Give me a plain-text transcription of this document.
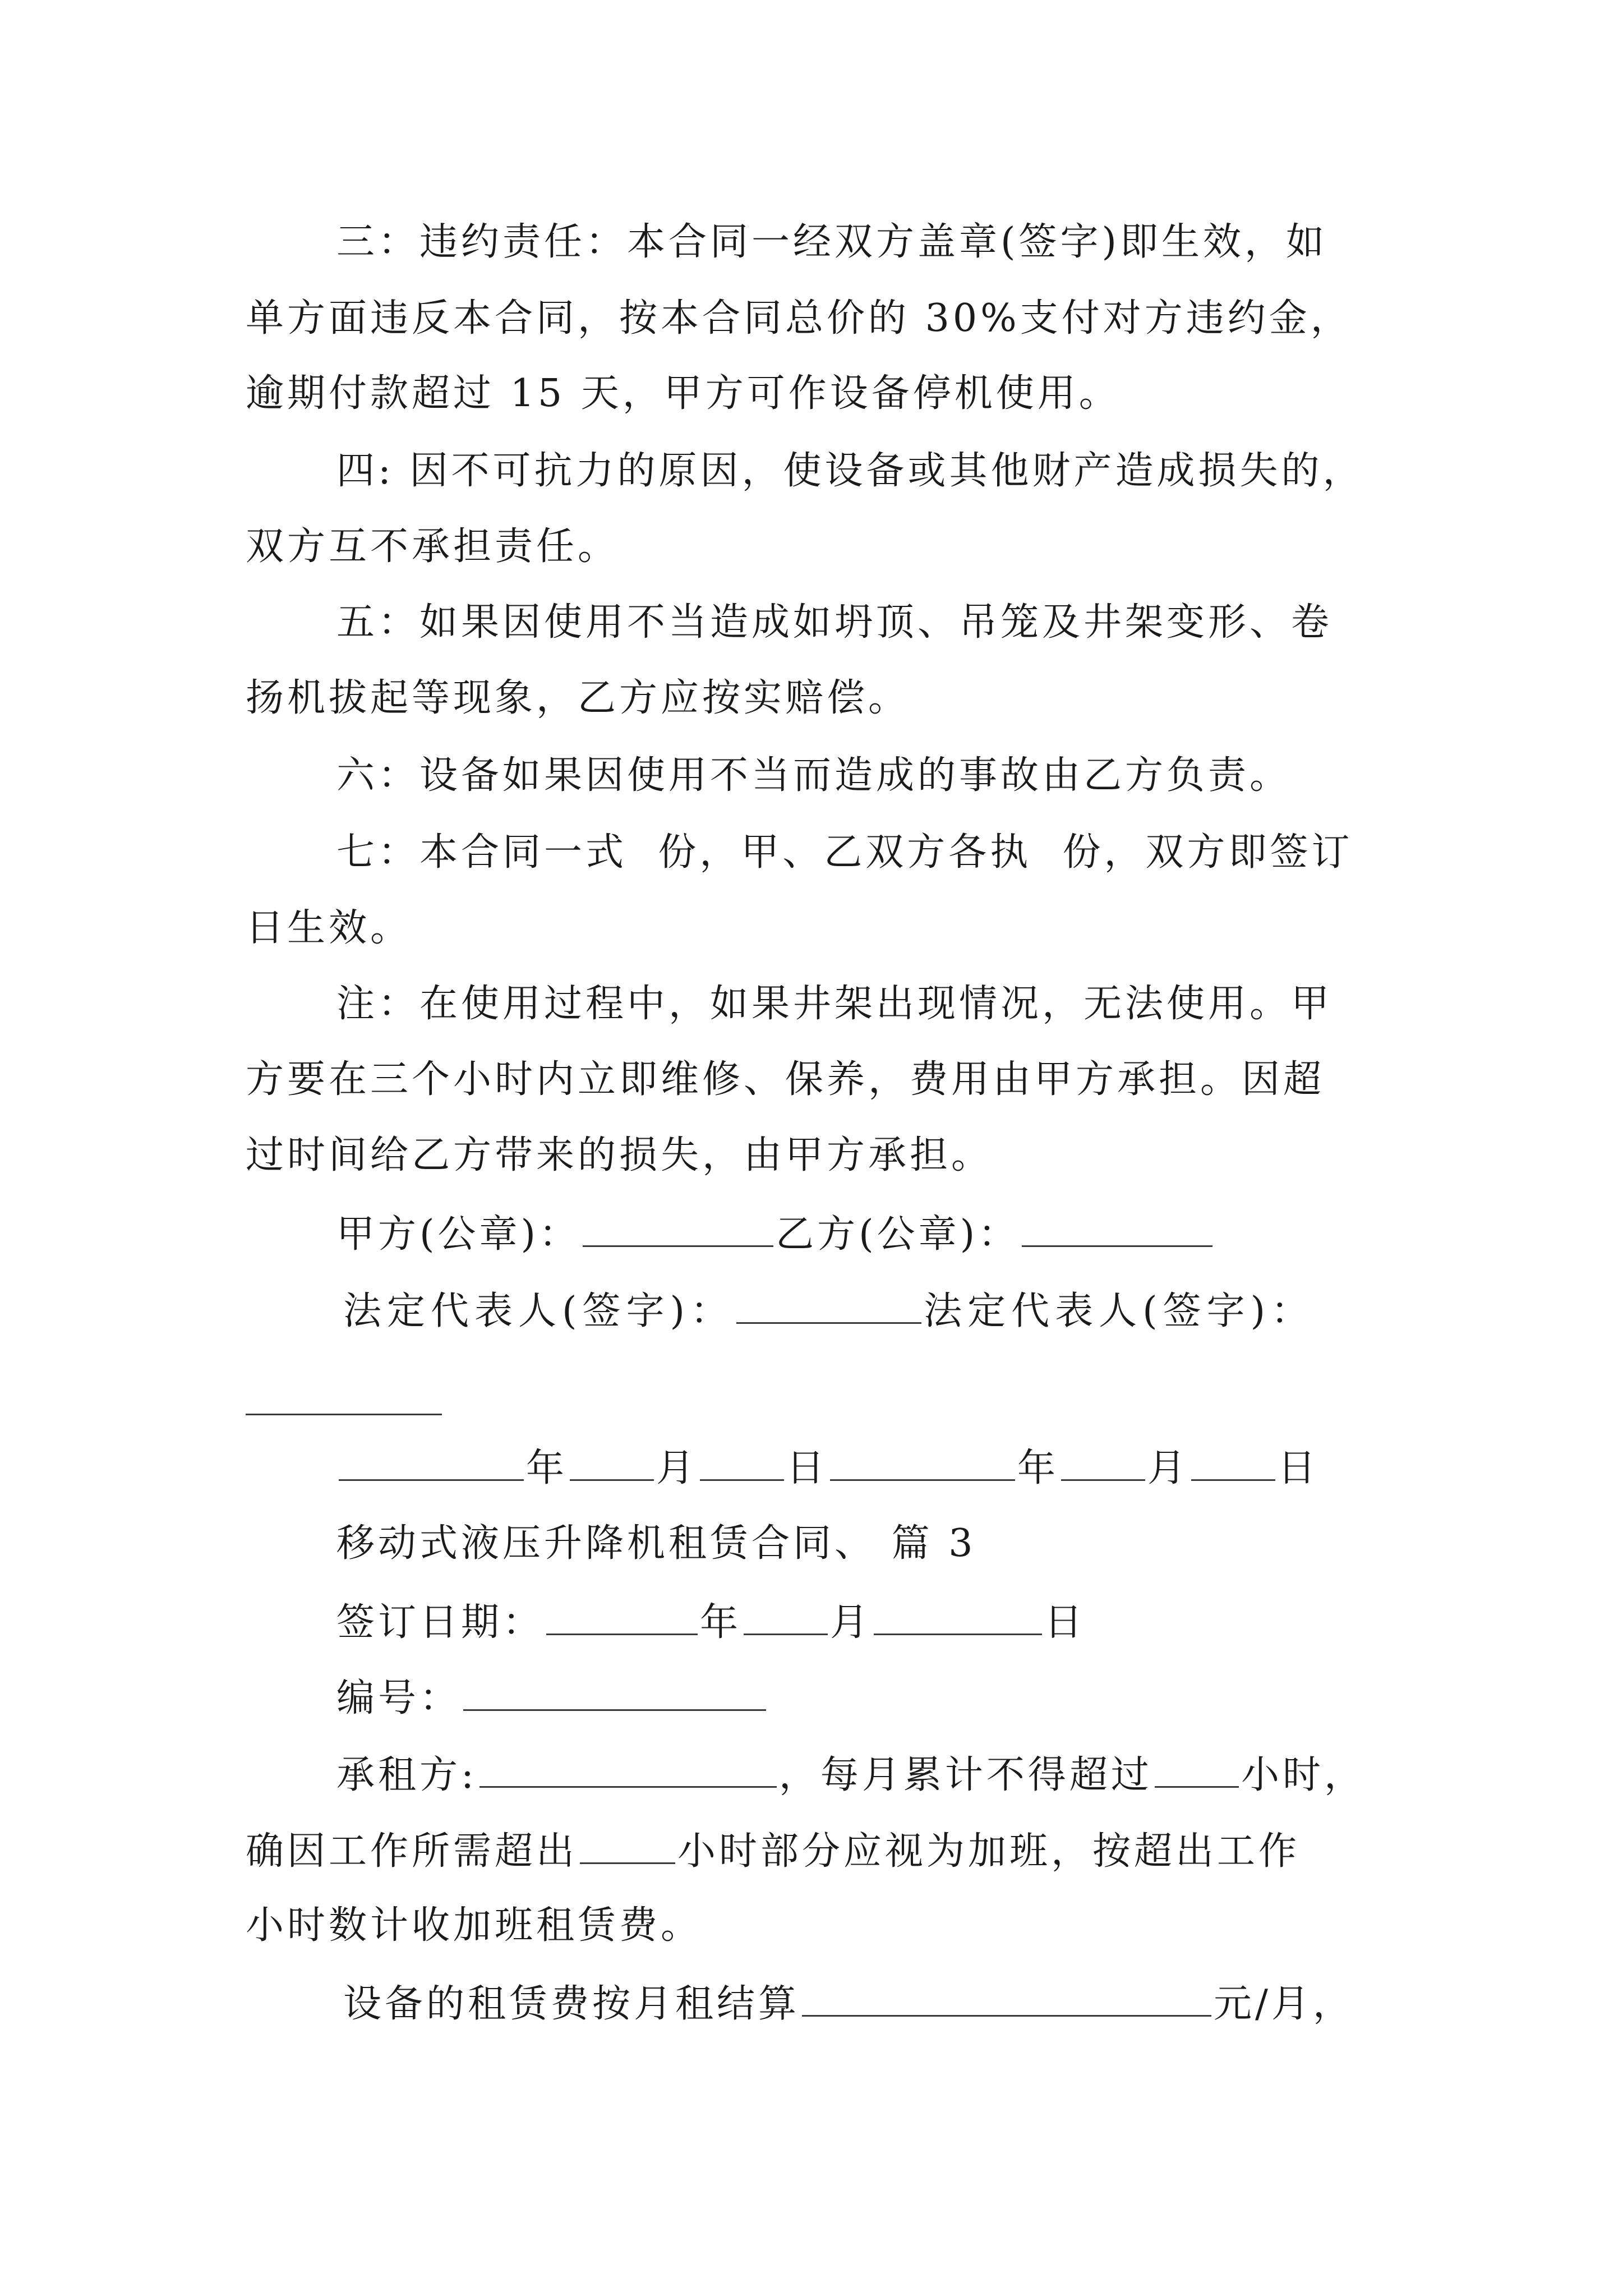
三：违约责任：本合同一经双方盖章(签字)即生效，如
单方面违反本合同，按本合同总价的 30%支付对方违约金，
逾期付款超过 15 天，甲方可作设备停机使用。
四: 因不可抗力的原因，使设备或其他财产造成损失的，
双方互不承担责任。
五：如果因使用不当造成如坍顶、吊笼及井架变形、卷
扬机拔起等现象，乙方应按实赔偿。
六：设备如果因使用不当而造成的事故由乙方负责。
七：本合同一式  份，甲、乙双方各执  份，双方即签订
日生效。
注：在使用过程中，如果井架出现情况，无法使用。甲
方要在三个小时内立即维修、保养，费用由甲方承担。因超
过时间给乙方带来的损失，由甲方承担。
甲方(公章)：	乙方(公章)：
法定代表人(签字)：	法定代表人(签字)：
年 月 日	年 月 日
移动式液压升降机租赁合同、 篇 3
签订日期：	年 月	日
编号：
承租方:	，每月累计不得超过 小时，
确因工作所需超出	小时部分应视为加班，按超出工作
小时数计收加班租赁费。
设备的租赁费按月租结算	元/月，
